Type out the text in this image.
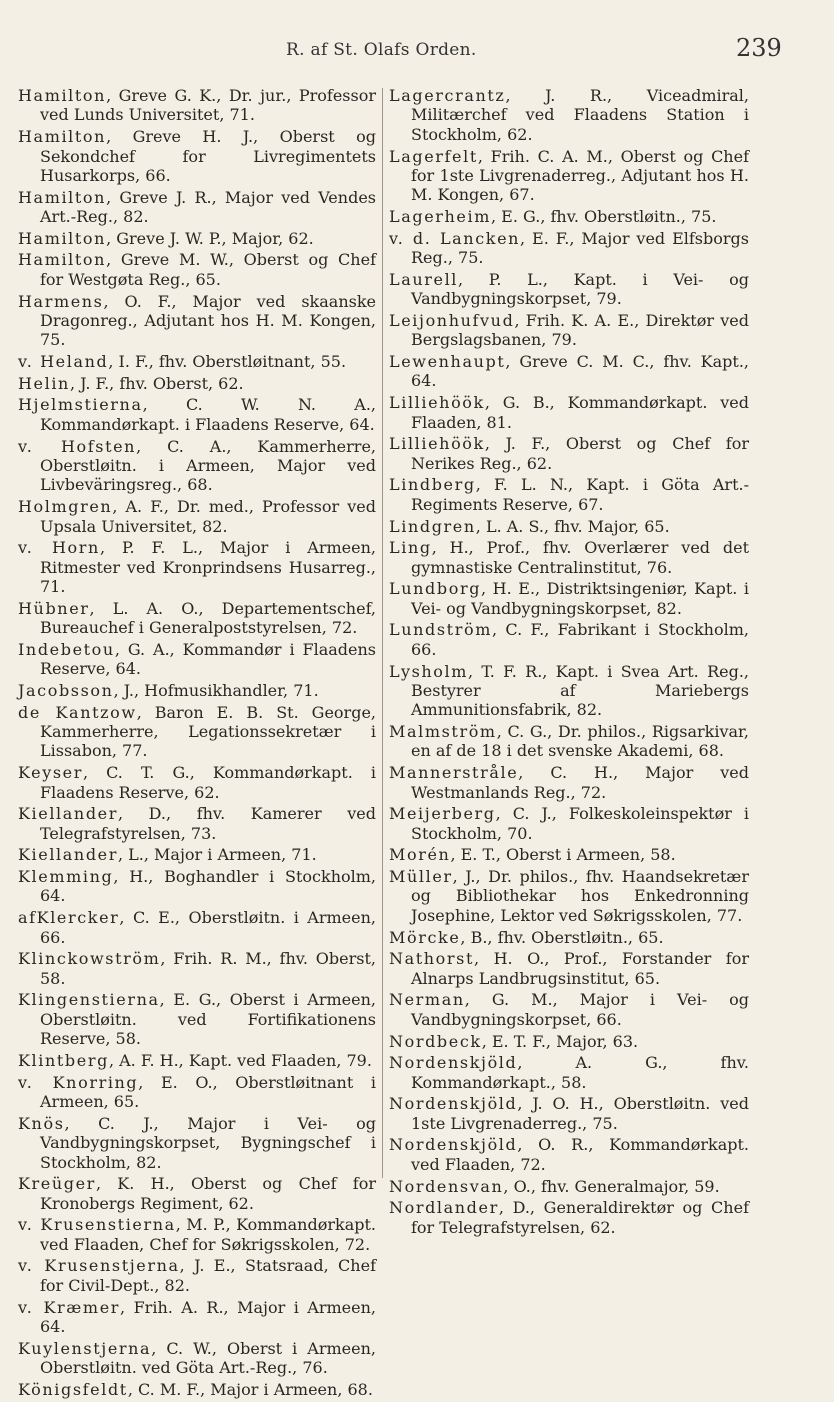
R. af St. Olafs Orden.	239

Hamilton, Greve G. K., Dr. jur., Professor ved Lunds Universitet, 71.

Hamilton, Greve H. J., Oberst og Sekondchef for Livregimentets Husarkorps, 66.

Hamilton, Greve J. R., Major ved Vendes Art.-Reg., 82.

Hamilton, Greve J. W. P., Major, 62.

Hamilton, Greve M. W., Oberst og Chef for Westgøta Reg., 65.

Harmens, O. F., Major ved skaanske Dragonreg., Adjutant hos H. M. Kongen, 75.

v. Heland, I. F., fhv. Oberstløitnant, 55.

Helin, J. F., fhv. Oberst, 62.

Hjelmstierna, C. W. N. A., Kommandørkapt. i Flaadens Reserve, 64.

v. Hofsten, C. A., Kammerherre, Oberstløitn. i Armeen, Major ved Livbeväringsreg., 68.

Holmgren, A. F., Dr. med., Professor ved Upsala Universitet, 82.

v. Horn, P. F. L., Major i Armeen, Ritmester ved Kronprindsens Husarreg., 71.

Hübner, L. A. O., Departementschef, Bureauchef i Generalpoststyrelsen, 72.

Indebetou, G. A., Kommandør i Flaadens Reserve, 64.

Jacobsson, J., Hofmusikhandler, 71.

de Kantzow, Baron E. B. St. George, Kammerherre, Legationssekretær i Lissabon, 77.

Keyser, C. T. G., Kommandørkapt. i Flaadens Reserve, 62.

Kiellander, D., fhv. Kamerer ved Telegrafstyrelsen, 73.

Kiellander, L., Major i Armeen, 71.

Klemming, H., Boghandler i Stockholm, 64.

afKlercker, C. E., Oberstløitn. i Armeen, 66.

Klinckowström, Frih. R. M., fhv. Oberst, 58.

Klingenstierna, E. G., Oberst i Armeen, Oberstløitn. ved Fortifikationens Reserve, 58.

Klintberg, A. F. H., Kapt. ved Flaaden, 79.

v. Knorring, E. O., Oberstløitnant i Armeen, 65.

Knös, C. J., Major i Vei- og Vandbygningskorpset, Bygningschef i Stockholm, 82.

Kreüger, K. H., Oberst og Chef for Kronobergs Regiment, 62.

v. Krusenstierna, M. P., Kommandørkapt. ved Flaaden, Chef for Søkrigsskolen, 72.

v. Krusenstjerna, J. E., Statsraad, Chef for Civil-Dept., 82.

v. Kræmer, Frih. A. R., Major i Armeen, 64.

Kuylenstjerna, C. W., Oberst i Armeen, Oberstløitn. ved Göta Art.-Reg., 76.

Königsfeldt, C. M. F., Major i Armeen, 68.

Lagercrantz, J. R., Viceadmiral, Militærchef ved Flaadens Station i Stockholm, 62.

Lagerfelt, Frih. C. A. M., Oberst og Chef for 1ste Livgrenaderreg., Adjutant hos H. M. Kongen, 67.

Lagerheim, E. G., fhv. Oberstløitn., 75.

v. d. Lancken, E. F., Major ved Elfsborgs Reg., 75.

Laurell, P. L., Kapt. i Vei- og Vandbygningskorpset, 79.

Leijonhufvud, Frih. K. A. E., Direktør ved Bergslagsbanen, 79.

Lewenhaupt, Greve C. M. C., fhv. Kapt., 64.

Lilliehöök, G. B., Kommandørkapt. ved Flaaden, 81.

Lilliehöök, J. F., Oberst og Chef for Nerikes Reg., 62.

Lindberg, F. L. N., Kapt. i Göta Art.-Regiments Reserve, 67.

Lindgren, L. A. S., fhv. Major, 65.

Ling, H., Prof., fhv. Overlærer ved det gymnastiske Centralinstitut, 76.

Lundborg, H. E., Distriktsingeniør, Kapt. i Vei- og Vandbygningskorpset, 82.

Lundström, C. F., Fabrikant i Stockholm, 66.

Lysholm, T. F. R., Kapt. i Svea Art. Reg., Bestyrer af Mariebergs Ammunitionsfabrik, 82.

Malmström, C. G., Dr. philos., Rigsarkivar, en af de 18 i det svenske Akademi, 68.

Mannerstråle, C. H., Major ved Westmanlands Reg., 72.

Meijerberg, C. J., Folkeskoleinspektør i Stockholm, 70.

Morén, E. T., Oberst i Armeen, 58.

Müller, J., Dr. philos., fhv. Haandsekretær og Bibliothekar hos Enkedronning Josephine, Lektor ved Søkrigsskolen, 77.

Mörcke, B., fhv. Oberstløitn., 65.

Nathorst, H. O., Prof., Forstander for Alnarps Landbrugsinstitut, 65.

Nerman, G. M., Major i Vei- og Vandbygningskorpset, 66.

Nordbeck, E. T. F., Major, 63.

Nordenskjöld, A. G., fhv. Kommandørkapt., 58.

Nordenskjöld, J. O. H., Oberstløitn. ved 1ste Livgrenaderreg., 75.

Nordenskjöld, O. R., Kommandørkapt. ved Flaaden, 72.

Nordensvan, O., fhv. Generalmajor, 59.

Nordlander, D., Generaldirektør og Chef for Telegrafstyrelsen, 62.
